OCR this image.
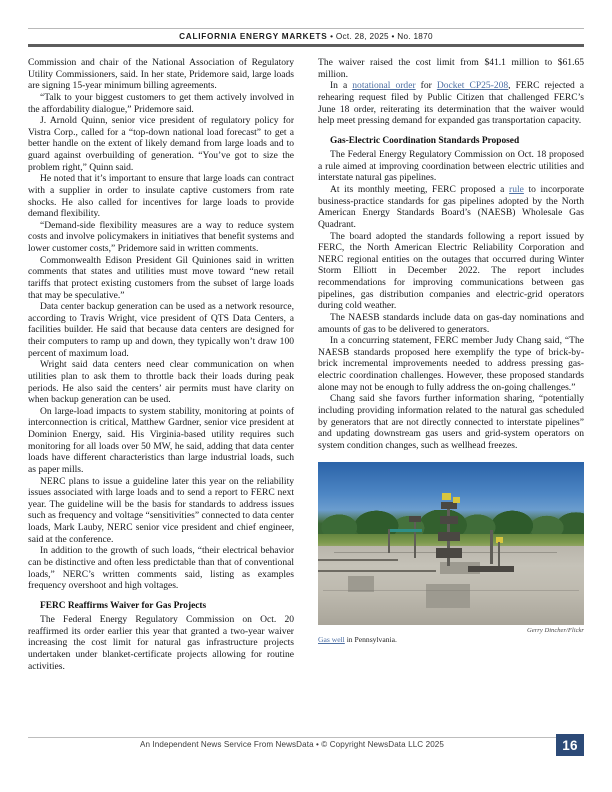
CALIFORNIA ENERGY MARKETS • Oct. 28, 2025 • No. 1870

Commission and chair of the National Association of Regulatory Utility Commissioners, said. In her state, Pridemore said, large loads are signing 15-year minimum billing agreements.

“Talk to your biggest customers to get them actively involved in the affordability dialogue,” Pridemore said.

J. Arnold Quinn, senior vice president of regulatory policy for Vistra Corp., called for a “top-down national load forecast” to get a better handle on the extent of likely demand from large loads and to guard against overbuilding of generation. “You’ve got to size the problem right,” Quinn said.

He noted that it’s important to ensure that large loads can contract with a supplier in order to insulate captive customers from rate shocks. He also called for incentives for large loads to provide demand flexibility.

“Demand-side flexibility measures are a way to reduce system costs and involve policymakers in initiatives that benefit systems and lower customer costs,” Pridemore said in written comments.

Commonwealth Edison President Gil Quiniones said in written comments that states and utilities must move toward “new retail tariffs that protect existing customers from the subset of large loads that may be speculative.”

Data center backup generation can be used as a network resource, according to Travis Wright, vice president of QTS Data Centers, a facilities builder. He said that because data centers are designed for their computers to ramp up and down, they typically won’t draw 100 percent of maximum load.

Wright said data centers need clear communication on when utilities plan to ask them to throttle back their loads during peak periods. He also said the centers’ air permits must have clarity on when backup generation can be used.

On large-load impacts to system stability, monitoring at points of interconnection is critical, Matthew Gardner, senior vice president at Dominion Energy, said. His Virginia-based utility requires such monitoring for all loads over 50 MW, he said, adding that data center loads have different characteristics than large industrial loads, such as paper mills.

NERC plans to issue a guideline later this year on the reliability issues associated with large loads and to send a report to FERC next year. The guideline will be the basis for standards to address issues such as frequency and voltage “sensitivities” connected to data center loads, Mark Lauby, NERC senior vice president and chief engineer, said at the conference.

In addition to the growth of such loads, “their electrical behavior can be distinctive and often less predictable than that of conventional loads,” NERC’s written comments said, listing as examples frequency overshoot and high voltages.

FERC Reaffirms Waiver for Gas Projects

The Federal Energy Regulatory Commission on Oct. 20 reaffirmed its order earlier this year that granted a two-year waiver increasing the cost limit for natural gas infrastructure projects undertaken under blanket-certificate projects allowing for routine activities.

The waiver raised the cost limit from $41.1 million to $61.65 million.

In a notational order for Docket CP25-208, FERC rejected a rehearing request filed by Public Citizen that challenged FERC’s June 18 order, reiterating its determination that the waiver would help meet pressing demand for expanded gas transportation capacity.

Gas-Electric Coordination Standards Proposed

The Federal Energy Regulatory Commission on Oct. 18 proposed a rule aimed at improving coordination between electric utilities and interstate natural gas pipelines.

At its monthly meeting, FERC proposed a rule to incorporate business-practice standards for gas pipelines adopted by the North American Energy Standards Board’s (NAESB) Wholesale Gas Quadrant.

The board adopted the standards following a report issued by FERC, the North American Electric Reliability Corporation and NERC regional entities on the outages that occurred during Winter Storm Elliott in December 2022. The report includes recommendations for improving communications between gas pipelines, gas distribution companies and electric-grid operators during cold weather.

The NAESB standards include data on gas-day nominations and amounts of gas to be delivered to generators.

In a concurring statement, FERC member Judy Chang said, “The NAESB standards proposed here exemplify the type of brick-by-brick incremental improvements needed to address pressing gas-electric coordination challenges. However, these proposed standards alone may not be enough to fully address the on-going challenges.”

Chang said she favors further information sharing, “potentially including providing information related to the natural gas scheduled by generators that are not directly connected to interstate pipelines” and updating downstream gas users and grid-system operators on system condition changes, such as wellhead freezes.

Gerry Dincher/Flickr
Gas well in Pennsylvania.
An Independent News Service From NewsData • © Copyright NewsData LLC 2025	16
